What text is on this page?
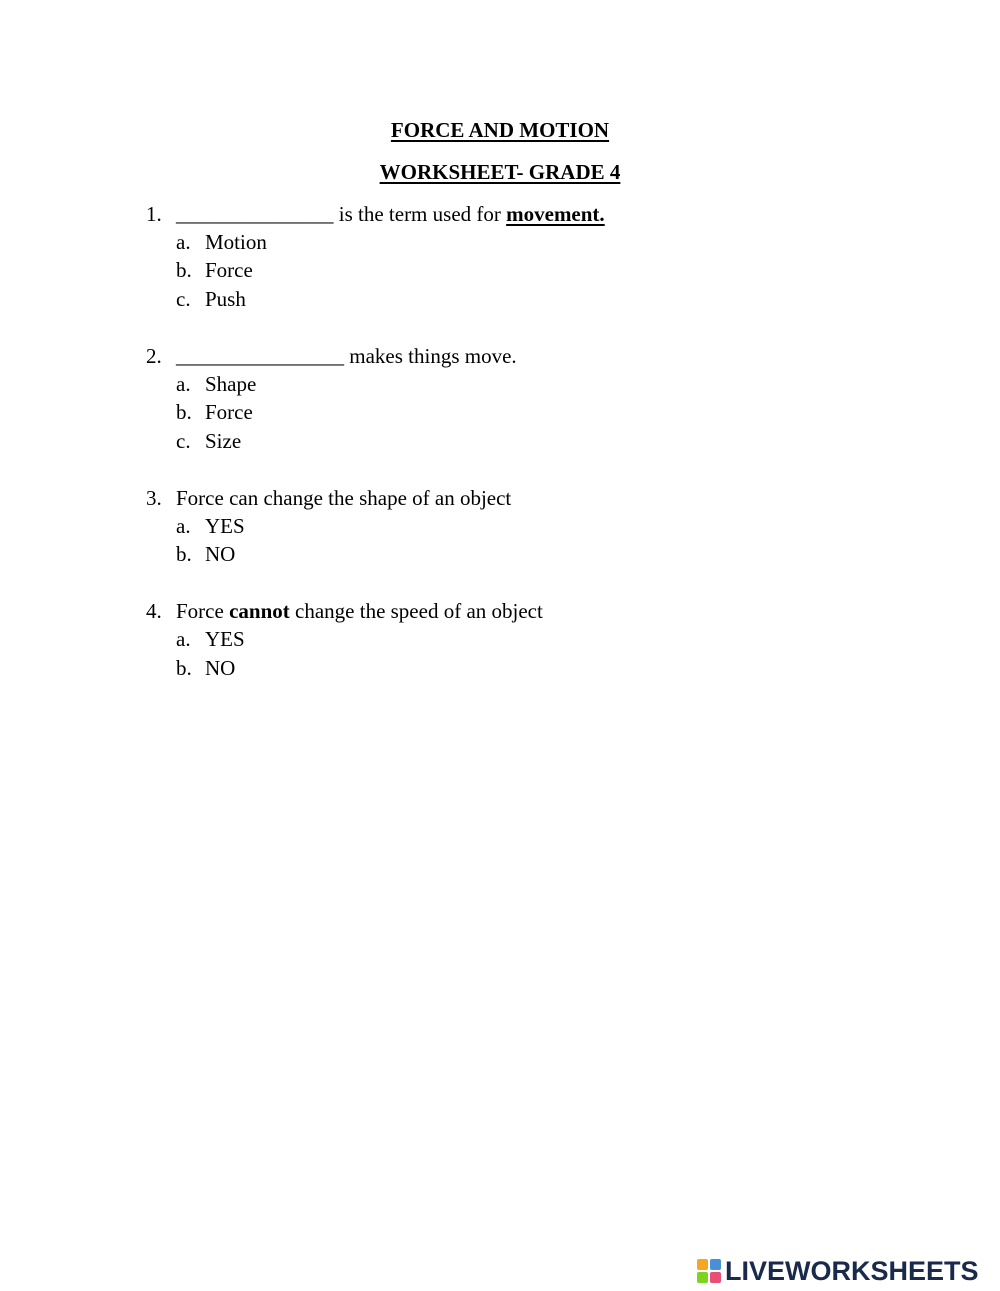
FORCE AND MOTION
WORKSHEET- GRADE 4
1. _______________ is the term used for movement.
a. Motion
b. Force
c. Push
2. ________________ makes things move.
a. Shape
b. Force
c. Size
3. Force can change the shape of an object
a. YES
b. NO
4. Force cannot change the speed of an object
a. YES
b. NO
LIVEWORKSHEETS
